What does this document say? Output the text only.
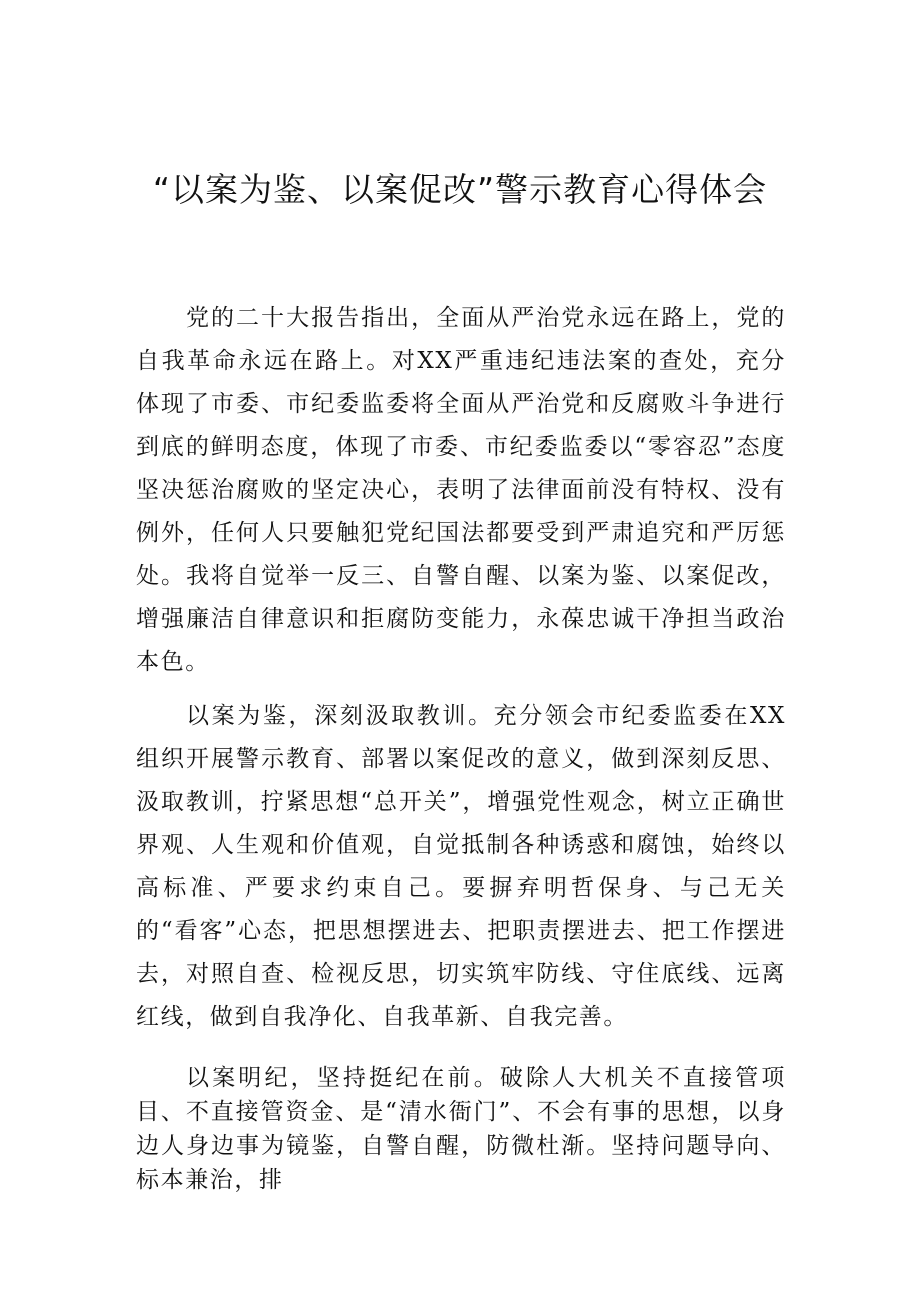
“以案为鉴、以案促改”警示教育心得体会

党的二十大报告指出，全面从严治党永远在路上，党的自我革命永远在路上。对XX严重违纪违法案的查处，充分体现了市委、市纪委监委将全面从严治党和反腐败斗争进行到底的鲜明态度，体现了市委、市纪委监委以“零容忍”态度坚决惩治腐败的坚定决心，表明了法律面前没有特权、没有例外，任何人只要触犯党纪国法都要受到严肃追究和严厉惩处。我将自觉举一反三、自警自醒、以案为鉴、以案促改，增强廉洁自律意识和拒腐防变能力，永葆忠诚干净担当政治本色。

以案为鉴，深刻汲取教训。充分领会市纪委监委在XX组织开展警示教育、部署以案促改的意义，做到深刻反思、汲取教训，拧紧思想“总开关”，增强党性观念，树立正确世界观、人生观和价值观，自觉抵制各种诱惑和腐蚀，始终以高标准、严要求约束自己。要摒弃明哲保身、与己无关的“看客”心态，把思想摆进去、把职责摆进去、把工作摆进去，对照自查、检视反思，切实筑牢防线、守住底线、远离红线，做到自我净化、自我革新、自我完善。

以案明纪，坚持挺纪在前。破除人大机关不直接管项目、不直接管资金、是“清水衙门”、不会有事的思想，以身边人身边事为镜鉴，自警自醒，防微杜渐。坚持问题导向、标本兼治，排
